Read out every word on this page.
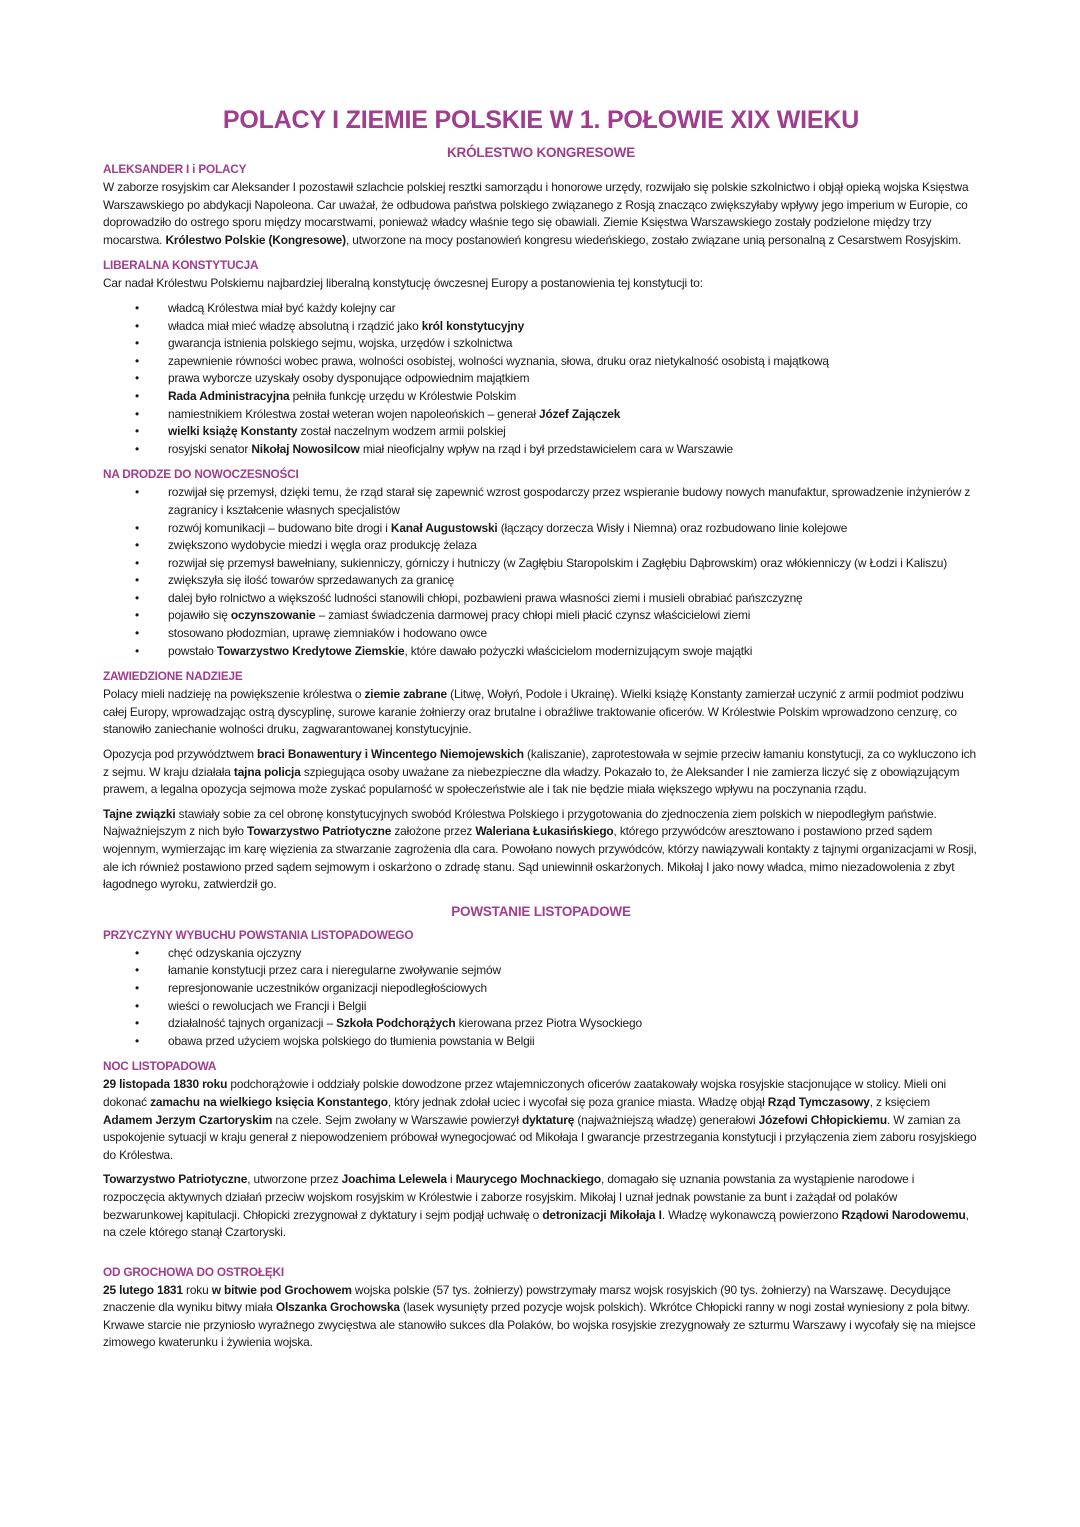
POLACY I ZIEMIE POLSKIE W 1. POŁOWIE XIX WIEKU
KRÓLESTWO KONGRESOWE
ALEKSANDER I i POLACY

W zaborze rosyjskim car Aleksander I pozostawił szlachcie polskiej resztki samorządu i honorowe urzędy, rozwijało się polskie szkolnictwo i objął opieką wojska Księstwa Warszawskiego po abdykacji Napoleona. Car uważał, że odbudowa państwa polskiego związanego z Rosją znacząco zwiększyłaby wpływy jego imperium w Europie, co doprowadziło do ostrego sporu między mocarstwami, ponieważ władcy właśnie tego się obawiali. Ziemie Księstwa Warszawskiego zostały podzielone między trzy mocarstwa. Królestwo Polskie (Kongresowe), utworzone na mocy postanowień kongresu wiedeńskiego, zostało związane unią personalną z Cesarstwem Rosyjskim.

LIBERALNA KONSTYTUCJA

Car nadał Królestwu Polskiemu najbardziej liberalną konstytucję ówczesnej Europy a postanowienia tej konstytucji to:

• władcą Królestwa miał być każdy kolejny car
• władca miał mieć władzę absolutną i rządzić jako król konstytucyjny
• gwarancja istnienia polskiego sejmu, wojska, urzędów i szkolnictwa
• zapewnienie równości wobec prawa, wolności osobistej, wolności wyznania, słowa, druku oraz nietykalność osobistą i majątkową
• prawa wyborcze uzyskały osoby dysponujące odpowiednim majątkiem
• Rada Administracyjna pełniła funkcję urzędu w Królestwie Polskim
• namiestnikiem Królestwa został weteran wojen napoleońskich – generał Józef Zajączek
• wielki książę Konstanty został naczelnym wodzem armii polskiej
• rosyjski senator Nikołaj Nowosilcow miał nieoficjalny wpływ na rząd i był przedstawicielem cara w Warszawie
NA DRODZE DO NOWOCZESNOŚCI
• rozwijał się przemysł, dzięki temu, że rząd starał się zapewnić wzrost gospodarczy przez wspieranie budowy nowych manufaktur, sprowadzenie inżynierów z zagranicy i kształcenie własnych specjalistów
• rozwój komunikacji – budowano bite drogi i Kanał Augustowski (łączący dorzecza Wisły i Niemna) oraz rozbudowano linie kolejowe
• zwiększono wydobycie miedzi i węgla oraz produkcję żelaza
• rozwijał się przemysł bawełniany, sukienniczy, górniczy i hutniczy (w Zagłębiu Staropolskim i Zagłębiu Dąbrowskim) oraz włókienniczy (w Łodzi i Kaliszu)
• zwiększyła się ilość towarów sprzedawanych za granicę
• dalej było rolnictwo a większość ludności stanowili chłopi, pozbawieni prawa własności ziemi i musieli obrabiać pańszczyznę
• pojawiło się oczynszowanie – zamiast świadczenia darmowej pracy chłopi mieli płacić czynsz właścicielowi ziemi
• stosowano płodozmian, uprawę ziemniaków i hodowano owce
• powstało Towarzystwo Kredytowe Ziemskie, które dawało pożyczki właścicielom modernizującym swoje majątki
ZAWIEDZIONE NADZIEJE

Polacy mieli nadzieję na powiększenie królestwa o ziemie zabrane (Litwę, Wołyń, Podole i Ukrainę). Wielki książę Konstanty zamierzał uczynić z armii podmiot podziwu całej Europy, wprowadzając ostrą dyscyplinę, surowe karanie żołnierzy oraz brutalne i obraźliwe traktowanie oficerów. W Królestwie Polskim wprowadzono cenzurę, co stanowiło zaniechanie wolności druku, zagwarantowanej konstytucyjnie.

Opozycja pod przywództwem braci Bonawentury i Wincentego Niemojewskich (kaliszanie), zaprotestowała w sejmie przeciw łamaniu konstytucji, za co wykluczono ich z sejmu. W kraju działała tajna policja szpiegująca osoby uważane za niebezpieczne dla władzy. Pokazało to, że Aleksander I nie zamierza liczyć się z obowiązującym prawem, a legalna opozycja sejmowa może zyskać popularność w społeczeństwie ale i tak nie będzie miała większego wpływu na poczynania rządu.

Tajne związki stawiały sobie za cel obronę konstytucyjnych swobód Królestwa Polskiego i przygotowania do zjednoczenia ziem polskich w niepodległym państwie. Najważniejszym z nich było Towarzystwo Patriotyczne założone przez Waleriana Łukasińskiego, którego przywódców aresztowano i postawiono przed sądem wojennym, wymierzając im karę więzienia za stwarzanie zagrożenia dla cara. Powołano nowych przywódców, którzy nawiązywali kontakty z tajnymi organizacjami w Rosji, ale ich również postawiono przed sądem sejmowym i oskarżono o zdradę stanu. Sąd uniewinnił oskarżonych. Mikołaj I jako nowy władca, mimo niezadowolenia z zbyt łagodnego wyroku, zatwierdził go.

POWSTANIE LISTOPADOWE
PRZYCZYNY WYBUCHU POWSTANIA LISTOPADOWEGO
• chęć odzyskania ojczyzny
• łamanie konstytucji przez cara i nieregularne zwoływanie sejmów
• represjonowanie uczestników organizacji niepodległościowych
• wieści o rewolucjach we Francji i Belgii
• działalność tajnych organizacji – Szkoła Podchorążych kierowana przez Piotra Wysockiego
• obawa przed użyciem wojska polskiego do tłumienia powstania w Belgii
NOC LISTOPADOWA

29 listopada 1830 roku podchorążowie i oddziały polskie dowodzone przez wtajemniczonych oficerów zaatakowały wojska rosyjskie stacjonujące w stolicy. Mieli oni dokonać zamachu na wielkiego księcia Konstantego, który jednak zdołał uciec i wycofał się poza granice miasta. Władzę objął Rząd Tymczasowy, z księciem Adamem Jerzym Czartoryskim na czele. Sejm zwołany w Warszawie powierzył dyktaturę (najważniejszą władzę) generałowi Józefowi Chłopickiemu. W zamian za uspokojenie sytuacji w kraju generał z niepowodzeniem próbował wynegocjować od Mikołaja I gwarancje przestrzegania konstytucji i przyłączenia ziem zaboru rosyjskiego do Królestwa.

Towarzystwo Patriotyczne, utworzone przez Joachima Lelewela i Maurycego Mochnackiego, domagało się uznania powstania za wystąpienie narodowe i rozpoczęcia aktywnych działań przeciw wojskom rosyjskim w Królestwie i zaborze rosyjskim. Mikołaj I uznał jednak powstanie za bunt i zażądał od polaków bezwarunkowej kapitulacji. Chłopicki zrezygnował z dyktatury i sejm podjął uchwałę o detronizacji Mikołaja I. Władzę wykonawczą powierzono Rządowi Narodowemu, na czele którego stanął Czartoryski.

OD GROCHOWA DO OSTROŁĘKI

25 lutego 1831 roku w bitwie pod Grochowem wojska polskie (57 tys. żołnierzy) powstrzymały marsz wojsk rosyjskich (90 tys. żołnierzy) na Warszawę. Decydujące znaczenie dla wyniku bitwy miała Olszanka Grochowska (lasek wysunięty przed pozycje wojsk polskich). Wkrótce Chłopicki ranny w nogi został wyniesiony z pola bitwy. Krwawe starcie nie przyniosło wyraźnego zwycięstwa ale stanowiło sukces dla Polaków, bo wojska rosyjskie zrezygnowały ze szturmu Warszawy i wycofały się na miejsce zimowego kwaterunku i żywienia wojska.
